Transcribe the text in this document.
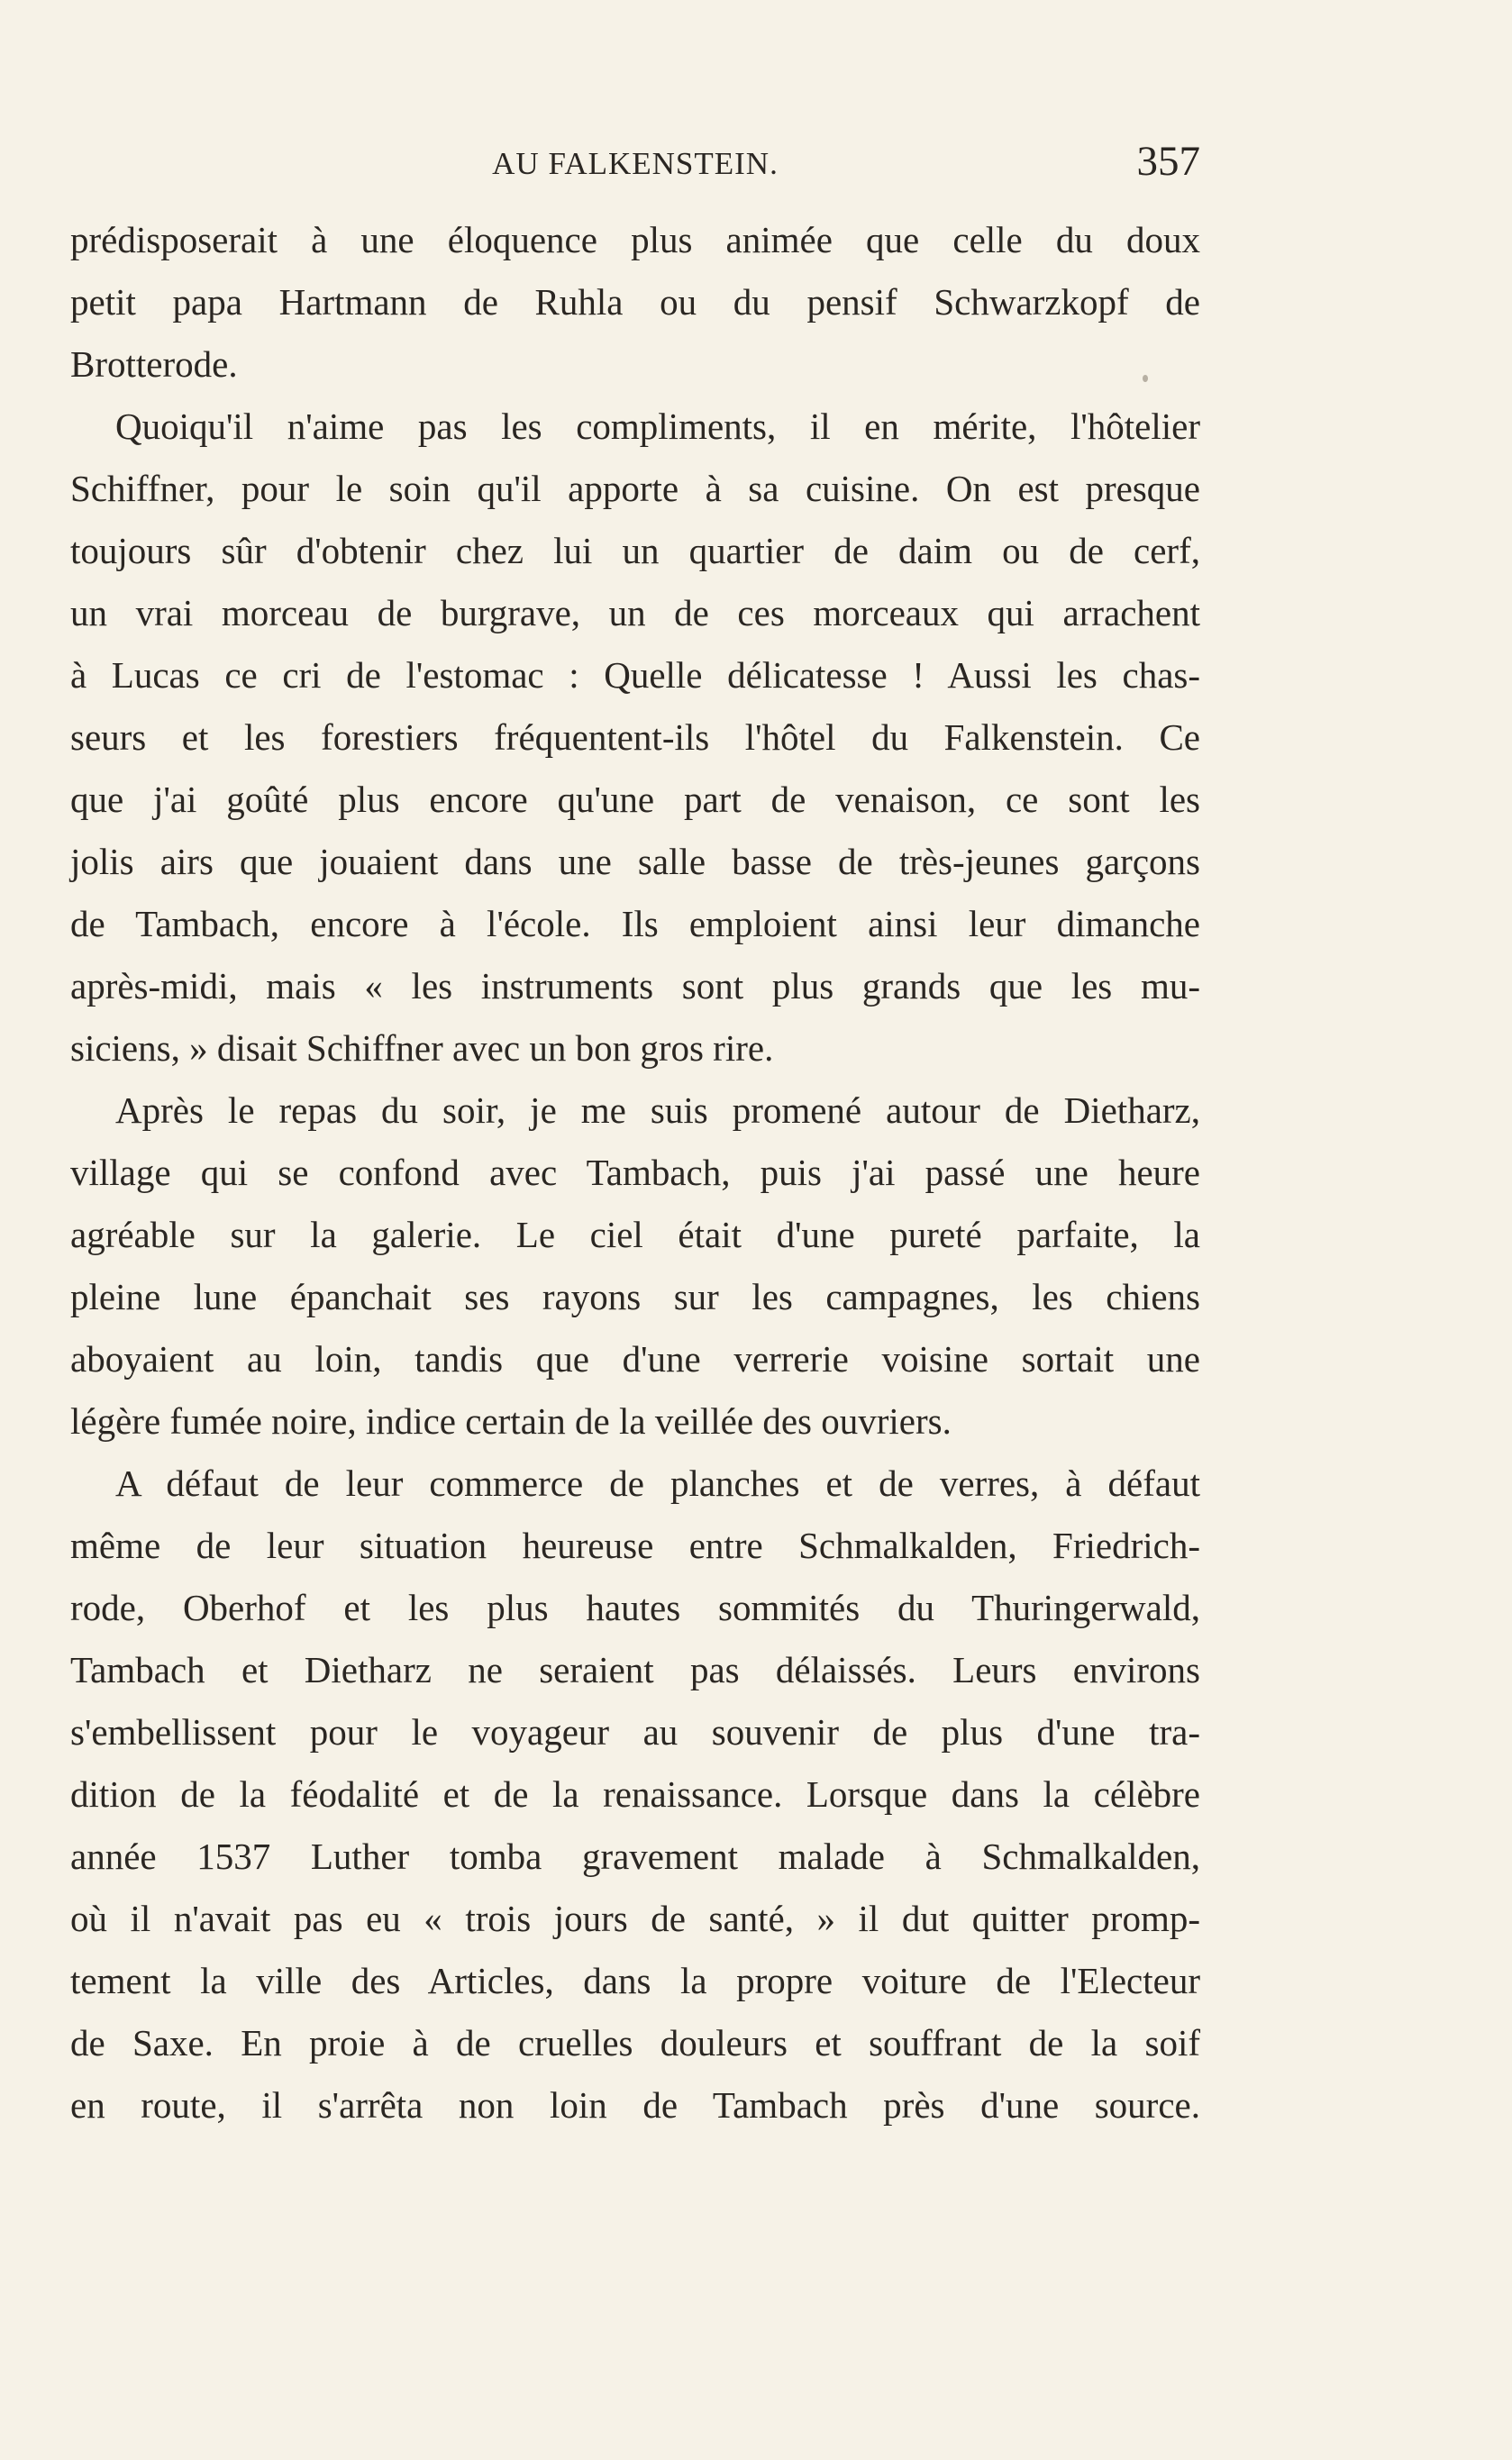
AU FALKENSTEIN.	357
prédisposerait à une éloquence plus animée que celle du doux
petit papa Hartmann de Ruhla ou du pensif Schwarzkopf de
Brotterode.
Quoiqu'il n'aime pas les compliments, il en mérite, l'hôtelier
Schiffner, pour le soin qu'il apporte à sa cuisine. On est presque
toujours sûr d'obtenir chez lui un quartier de daim ou de cerf,
un vrai morceau de burgrave, un de ces morceaux qui arrachent
à Lucas ce cri de l'estomac : Quelle délicatesse ! Aussi les chas-
seurs et les forestiers fréquentent-ils l'hôtel du Falkenstein. Ce
que j'ai goûté plus encore qu'une part de venaison, ce sont les
jolis airs que jouaient dans une salle basse de très-jeunes garçons
de Tambach, encore à l'école. Ils emploient ainsi leur dimanche
après-midi, mais « les instruments sont plus grands que les mu-
siciens, » disait Schiffner avec un bon gros rire.
Après le repas du soir, je me suis promené autour de Dietharz,
village qui se confond avec Tambach, puis j'ai passé une heure
agréable sur la galerie. Le ciel était d'une pureté parfaite, la
pleine lune épanchait ses rayons sur les campagnes, les chiens
aboyaient au loin, tandis que d'une verrerie voisine sortait une
légère fumée noire, indice certain de la veillée des ouvriers.
A défaut de leur commerce de planches et de verres, à défaut
même de leur situation heureuse entre Schmalkalden, Friedrich-
rode, Oberhof et les plus hautes sommités du Thuringerwald,
Tambach et Dietharz ne seraient pas délaissés. Leurs environs
s'embellissent pour le voyageur au souvenir de plus d'une tra-
dition de la féodalité et de la renaissance. Lorsque dans la célèbre
année 1537 Luther tomba gravement malade à Schmalkalden,
où il n'avait pas eu « trois jours de santé, » il dut quitter promp-
tement la ville des Articles, dans la propre voiture de l'Electeur
de Saxe. En proie à de cruelles douleurs et souffrant de la soif
en route, il s'arrêta non loin de Tambach près d'une source.
